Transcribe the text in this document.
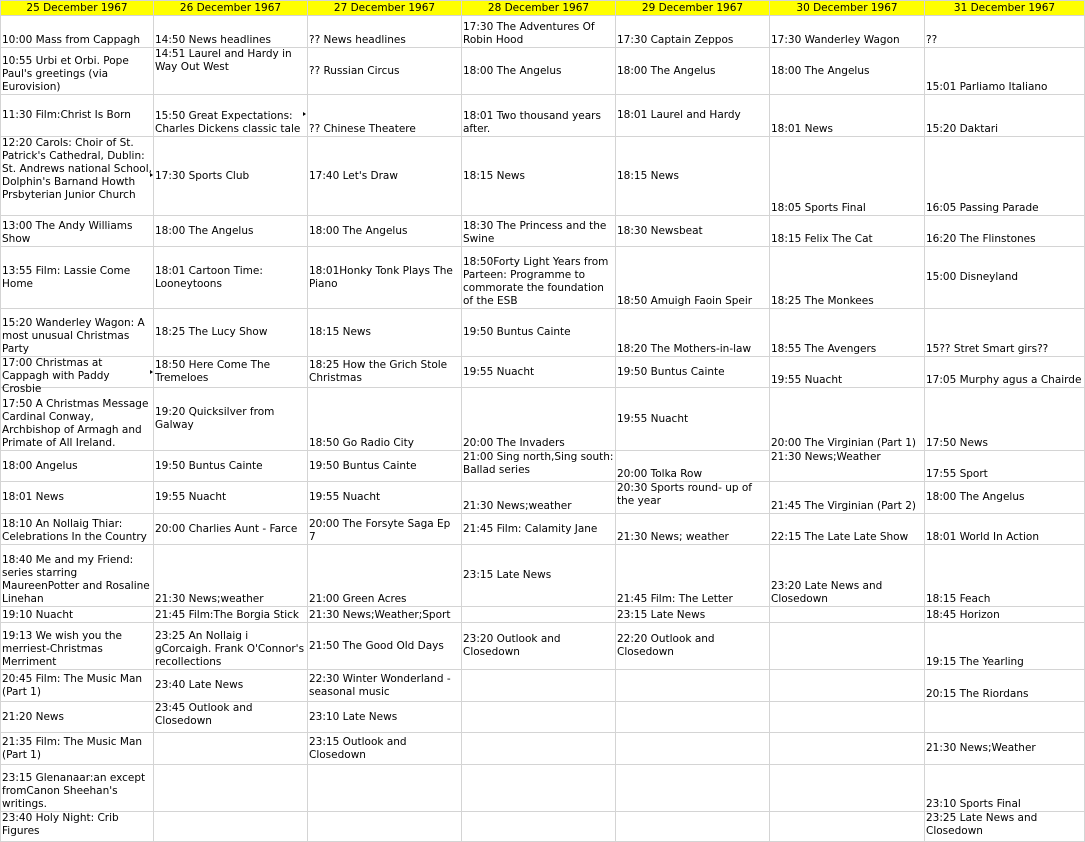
25 December 1967	26 December 1967	27 December 1967	28 December 1967	29 December 1967	30 December 1967	31 December 1967

10:00 Mass from Cappagh	14:50 News headlines	?? News headlines	17:30 The Adventures Of Robin Hood	17:30 Captain Zeppos	17:30 Wanderley Wagon	??

10:55 Urbi et Orbi. Pope Paul's greetings (via Eurovision)	14:51 Laurel and Hardy in Way Out West	?? Russian Circus	18:00 The Angelus	18:00 The Angelus	18:00 The Angelus	15:01 Parliamo Italiano

11:30 Film:Christ Is Born	15:50 Great Expectations: Charles Dickens classic tale	?? Chinese Theatere	18:01 Two thousand years after.	18:01 Laurel and Hardy	18:01 News	15:20 Daktari

12:20 Carols: Choir of St. Patrick's Cathedral, Dublin: St. Andrews national School, Dolphin's Barnand Howth Prsbyterian Junior Church	17:30 Sports Club	17:40 Let's Draw	18:15 News	18:15 News	18:05 Sports Final	16:05 Passing Parade

13:00 The Andy Williams Show	18:00 The Angelus	18:00 The Angelus	18:30 The Princess and the Swine	18:30 Newsbeat	18:15 Felix The Cat	16:20 The Flinstones

13:55 Film: Lassie Come Home	18:01 Cartoon Time: Looneytoons	18:01Honky Tonk Plays The Piano	18:50Forty Light Years from Parteen: Programme to commorate the foundation of the ESB	18:50 Amuigh Faoin Speir	18:25 The Monkees	15:00 Disneyland

15:20 Wanderley Wagon: A most unusual Christmas Party	18:25 The Lucy Show	18:15 News	19:50 Buntus Cainte	18:20 The Mothers-in-law	18:55 The Avengers	15?? Stret Smart girs??

17:00 Christmas at Cappagh with Paddy Crosbie	18:50 Here Come The Tremeloes	18:25 How the Grich Stole Christmas	19:55 Nuacht	19:50 Buntus Cainte	19:55 Nuacht	17:05 Murphy agus a Chairde

17:50 A Christmas Message Cardinal Conway, Archbishop of Armagh and Primate of All Ireland.	19:20 Quicksilver from Galway	18:50 Go Radio City	20:00 The Invaders	19:55 Nuacht	20:00 The Virginian (Part 1)	17:50 News

18:00 Angelus	19:50 Buntus Cainte	19:50 Buntus Cainte	21:00 Sing north,Sing south: Ballad series	20:00 Tolka Row	21:30 News;Weather	17:55 Sport

18:01 News	19:55 Nuacht	19:55 Nuacht	21:30 News;weather	20:30 Sports round- up of the year	21:45 The Virginian (Part 2)	18:00 The Angelus

18:10 An Nollaig Thiar: Celebrations In the Country	20:00 Charlies Aunt - Farce	20:00 The Forsyte Saga Ep 7	21:45 Film: Calamity Jane	21:30 News; weather	22:15 The Late Late Show	18:01 World In Action

18:40 Me and my Friend: series starring MaureenPotter and Rosaline Linehan	21:30 News;weather	21:00 Green Acres	23:15 Late News	21:45 Film: The Letter	23:20 Late News and Closedown	18:15 Feach

19:10 Nuacht	21:45 Film:The Borgia Stick	21:30 News;Weather;Sport		23:15 Late News		18:45 Horizon

19:13 We wish you the merriest-Christmas Merriment	23:25 An Nollaig i gCorcaigh. Frank O'Connor's recollections	21:50 The Good Old Days	23:20 Outlook and Closedown	22:20 Outlook and Closedown		19:15 The Yearling

20:45 Film: The Music Man (Part 1)	23:40 Late News	22:30 Winter Wonderland - seasonal music				20:15 The Riordans

21:20 News	23:45 Outlook and Closedown	23:10 Late News				

21:35 Film: The Music Man (Part 1)		23:15 Outlook and Closedown				21:30 News;Weather

23:15 Glenanaar:an except fromCanon Sheehan's writings.						23:10 Sports Final

23:40 Holy Night: Crib Figures						23:25 Late News and Closedown
